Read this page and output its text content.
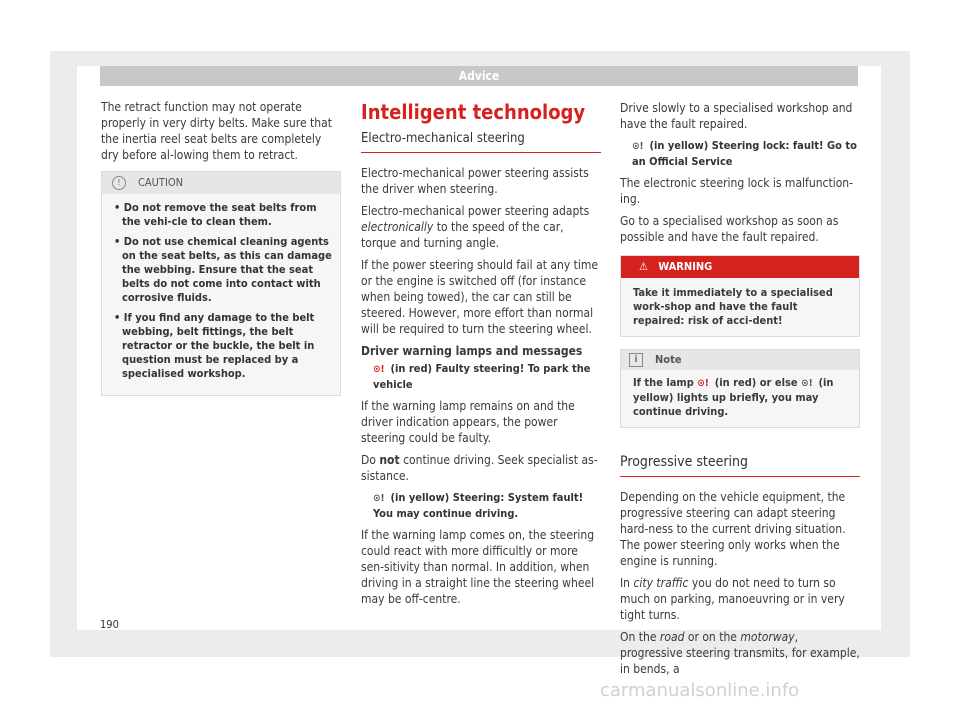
Advice

The retract function may not operate properly in very dirty belts. Make sure that the inertia reel seat belts are completely dry before al-lowing them to retract.

!	CAUTION

• Do not remove the seat belts from the vehi-cle to clean them.

• Do not use chemical cleaning agents on the seat belts, as this can damage the webbing. Ensure that the seat belts do not come into contact with corrosive fluids.

• If you find any damage to the belt webbing, belt fittings, the belt retractor or the buckle, the belt in question must be replaced by a specialised workshop.

Intelligent technology
Electro-mechanical steering

Electro-mechanical power steering assists the driver when steering.

Electro-mechanical power steering adapts electronically to the speed of the car, torque and turning angle.

If the power steering should fail at any time or the engine is switched off (for instance when being towed), the car can still be steered. However, more effort than normal will be required to turn the steering wheel.

Driver warning lamps and messages

⊙! (in red) Faulty steering! To park the vehicle

If the warning lamp remains on and the driver indication appears, the power steering could be faulty.

Do not continue driving. Seek specialist as-sistance.

⊙! (in yellow) Steering: System fault! You may continue driving.

If the warning lamp comes on, the steering could react with more difficultly or more sen-sitivity than normal. In addition, when driving in a straight line the steering wheel may be off-centre.

Drive slowly to a specialised workshop and have the fault repaired.

⊙! (in yellow) Steering lock: fault! Go to an Official Service

The electronic steering lock is malfunction-ing.

Go to a specialised workshop as soon as possible and have the fault repaired.

⚠ WARNING
Take it immediately to a specialised work-shop and have the fault repaired: risk of acci-dent!
i	Note
If the lamp ⊙! (in red) or else ⊙! (in yellow) lights up briefly, you may continue driving.
Progressive steering

Depending on the vehicle equipment, the progressive steering can adapt steering hard-ness to the current driving situation. The power steering only works when the engine is running.

In city traffic you do not need to turn so much on parking, manoeuvring or in very tight turns.

On the road or on the motorway, progressive steering transmits, for example, in bends, a

190
carmanualsonline.info
